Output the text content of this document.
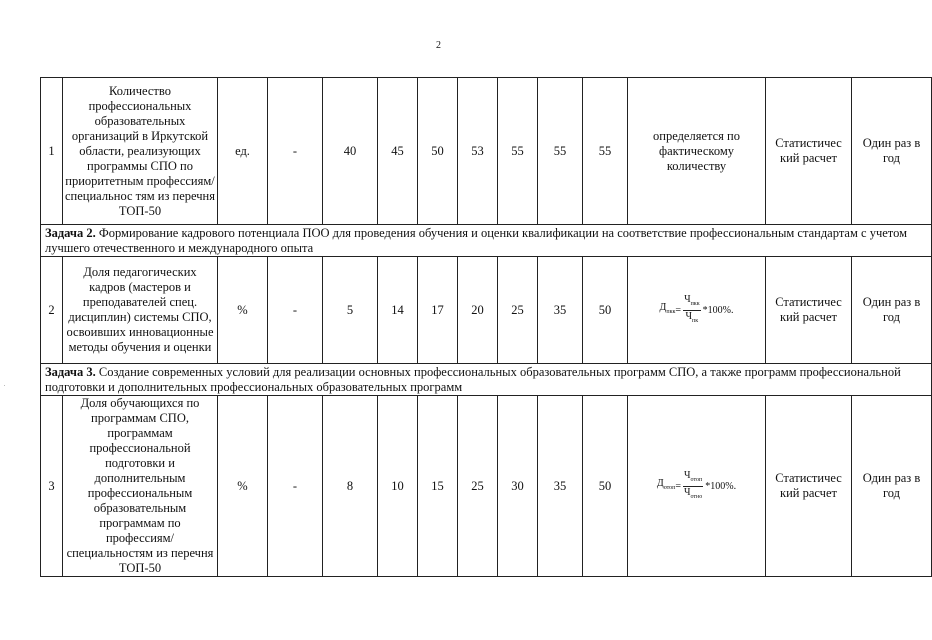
2
1	Количество профессиональных образовательных организаций в Иркутской области, реализующих программы СПО по приоритетным профессиям/специальнос тям из перечня ТОП-50	ед.	-	40	45	50	53	55	55	55	определяется по фактическому количеству	Статистичес кий расчет	Один раз в год
Задача 2. Формирование кадрового потенциала ПОО для проведения обучения и оценки квалификации на соответствие профессиональным стандартам с учетом лучшего отечественного и международного опыта													
2	Доля педагогических кадров (мастеров и преподавателей спец. дисциплин) системы СПО, освоивших инновационные методы обучения и оценки	%	-	5	14	17	20	25	35	50	$Д_{пкк} = \frac{Ч_{пкк}}{Ч_{пк}} *100\%$.	Статистичес кий расчет	Один раз в год
Задача 3. Создание современных условий для реализации основных профессиональных образовательных программ СПО, а также программ профессиональной подготовки и дополнительных профессиональных образовательных программ													
3	Доля обучающихся по программам СПО, программам профессиональной подготовки и дополнительным профессиональным образовательным программам по профессиям/ специальностям из перечня ТОП-50	%	-	8	10	15	25	30	35	50	$Д_{отоп} = \frac{Ч_{отоп}}{Ч_{отно}} *100\%$.	Статистичес кий расчет	Один раз в год
